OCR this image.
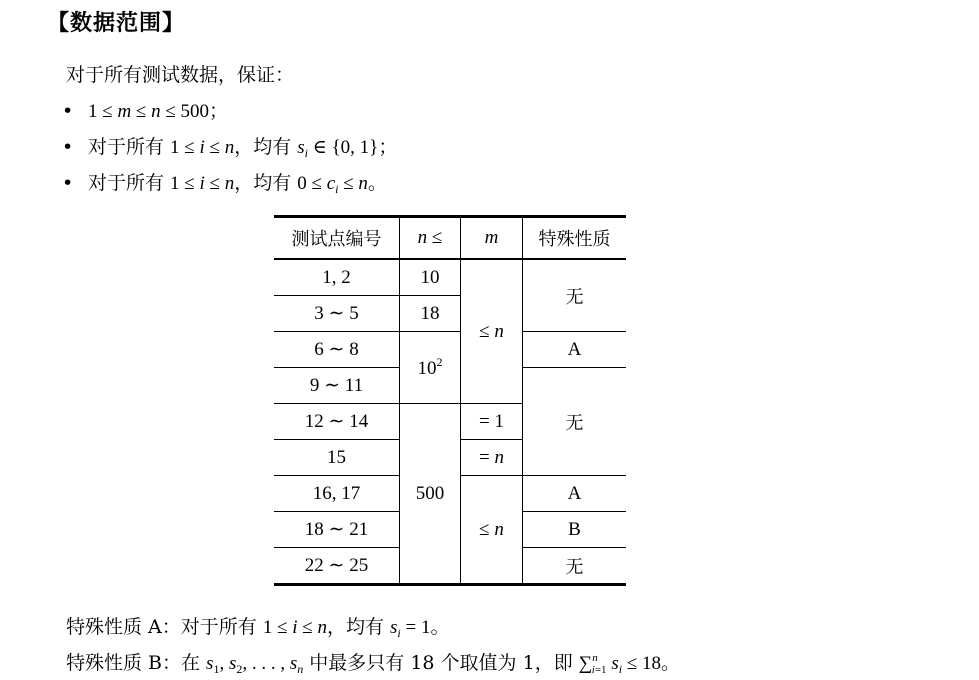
【数据范围】
对于所有测试数据，保证：
• 1 ≤ m ≤ n ≤ 500；
• 对于所有 1 ≤ i ≤ n，均有 $s_i$ ∈ {0, 1}；
• 对于所有 1 ≤ i ≤ n，均有 $0 \le c_i \le n$。
测试点编号	n ≤	m	特殊性质
1, 2	10	≤ n	无
3 ∼ 5	18		
6 ∼ 8	$10^2$		A
9 ∼ 11			无
12 ∼ 14	500	= 1	
15		= n	
16, 17		≤ n	A
18 ∼ 21			B
22 ∼ 25			无
特殊性质 A：对于所有 1 ≤ i ≤ n，均有 $s_i = 1$。
特殊性质 B：在 $s_1$, $s_2$, . . . , $s_n$ 中最多只有 18 个取值为 1，即 ∑$^n_{i=1}$ $s_i \le 18$。
